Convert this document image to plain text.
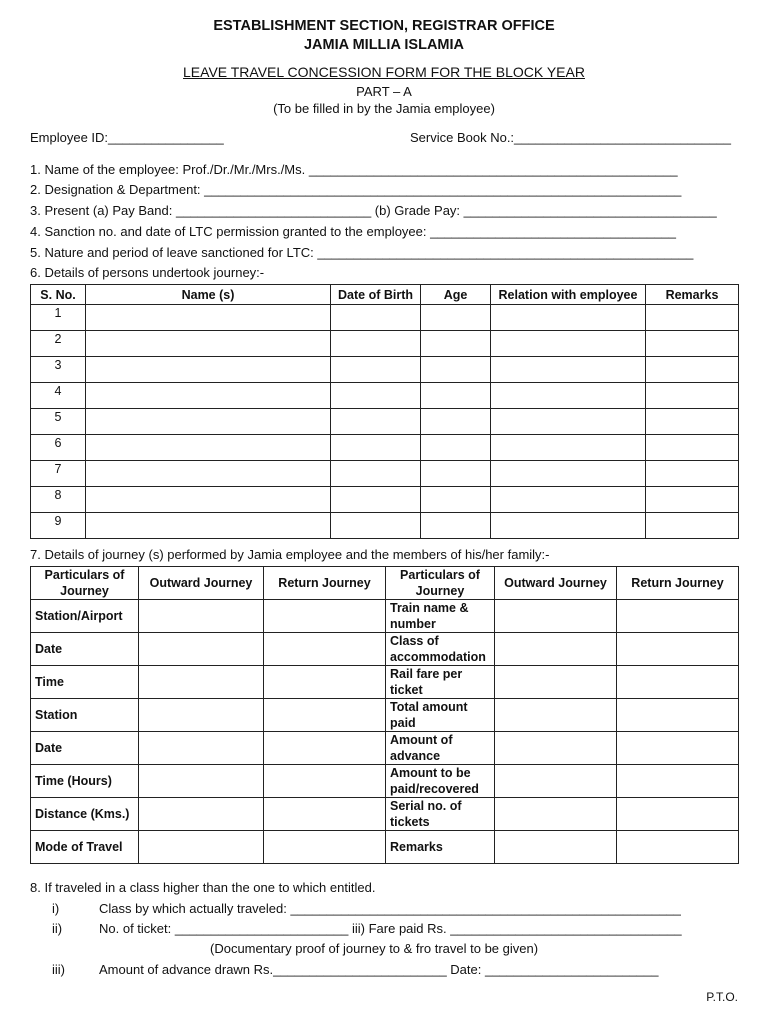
ESTABLISHMENT SECTION, REGISTRAR OFFICE
JAMIA MILLIA ISLAMIA
LEAVE TRAVEL CONCESSION FORM FOR THE BLOCK YEAR
PART – A
(To be filled in by the Jamia employee)
Employee ID:________________	Service Book No.:______________________________
1. Name of the employee: Prof./Dr./Mr./Mrs./Ms. ___________________________________________________
2. Designation & Department: __________________________________________________________________
3. Present (a) Pay Band: ___________________________ (b) Grade Pay: ___________________________________
4. Sanction no. and date of LTC permission granted to the employee: __________________________________
5. Nature and period of leave sanctioned for LTC: ____________________________________________________
6. Details of persons undertook journey:-
S. No.	Name (s)	Date of Birth	Age	Relation with employee	Remarks
1					
2					
3					
4					
5					
6					
7					
8					
9					
7. Details of journey (s) performed by Jamia employee and the members of his/her family:-
Particulars of Journey	Outward Journey	Return Journey	Particulars of Journey	Outward Journey	Return Journey
Station/Airport			Train name & number		
Date			Class of accommodation		
Time			Rail fare per ticket		
Station			Total amount paid		
Date			Amount of advance		
Time (Hours)			Amount to be paid/recovered		
Distance (Kms.)			Serial no. of tickets		
Mode of Travel			Remarks		
8. If traveled in a class higher than the one to which entitled.
i)	Class by which actually traveled: ______________________________________________________
ii)	No. of ticket: ________________________ iii) Fare paid Rs. ________________________________
(Documentary proof of journey to & fro travel to be given)
iii)	Amount of advance drawn Rs.________________________ Date: ________________________
P.T.O.
